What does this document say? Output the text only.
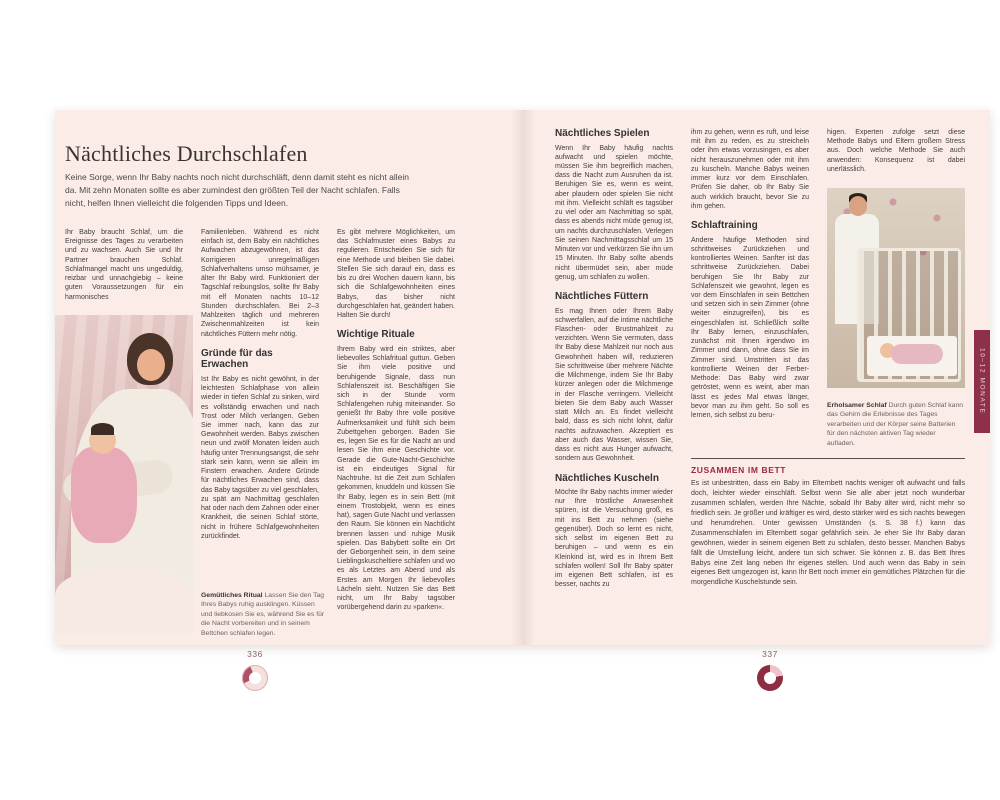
Nächtliches Durchschlafen

Keine Sorge, wenn Ihr Baby nachts noch nicht durchschläft, denn damit steht es nicht allein da. Mit zehn Monaten sollte es aber zumindest den größten Teil der Nacht schlafen. Falls nicht, helfen Ihnen vielleicht die folgenden Tipps und Ideen.

Ihr Baby braucht Schlaf, um die Ereignisse des Tages zu verarbeiten und zu wachsen. Auch Sie und Ihr Partner brauchen Schlaf. Schlafmangel macht uns ungeduldig, reizbar und unnachgiebig – keine guten Voraussetzungen für ein harmonisches

Familienleben. Während es nicht einfach ist, dem Baby ein nächtliches Aufwachen abzugewöhnen, ist das Korrigieren unregelmäßigen Schlafverhaltens umso mühsamer, je älter Ihr Baby wird. Funktioniert der Tagschlaf reibungslos, sollte Ihr Baby mit elf Monaten nachts 10–12 Stunden durchschlafen. Bei 2–3 Mahlzeiten täglich und mehreren Zwischenmahlzeiten ist kein nächtliches Füttern mehr nötig.

Gründe für das Erwachen

Ist Ihr Baby es nicht gewöhnt, in der leichtesten Schlafphase von allein wieder in tiefen Schlaf zu sinken, wird es vollständig erwachen und nach Trost oder Milch verlangen. Geben Sie immer nach, kann das zur Gewohnheit werden. Babys zwischen neun und zwölf Monaten leiden auch häufig unter Trennungsangst, die sehr stark sein kann, wenn sie allein im Finstern erwachen. Andere Gründe für nächtliches Erwachen sind, dass das Baby tagsüber zu viel geschlafen, zu spät am Nachmittag geschlafen hat oder nach dem Zahnen oder einer Krankheit, die seinen Schlaf störte, nicht in frühere Schlafgewohnheiten zurückfindet.

Es gibt mehrere Möglichkeiten, um das Schlafmuster eines Babys zu regulieren. Entscheiden Sie sich für eine Methode und bleiben Sie dabei. Stellen Sie sich darauf ein, dass es bis zu drei Wochen dauern kann, bis sich die Schlafgewohnheiten eines Babys, das bisher nicht durchgeschlafen hat, geändert haben. Halten Sie durch!

Wichtige Rituale

Ihrem Baby wird ein striktes, aber liebevolles Schlafritual guttun. Geben Sie ihm viele positive und beruhigende Signale, dass nun Schlafenszeit ist. Beschäftigen Sie sich in der Stunde vorm Schlafengehen ruhig miteinander. So genießt Ihr Baby Ihre volle positive Aufmerksamkeit und fühlt sich beim Zubettgehen geborgen. Baden Sie es, legen Sie es für die Nacht an und lesen Sie ihm eine Geschichte vor. Gerade die Gute-Nacht-Geschichte ist ein eindeutiges Signal für Nachtruhe. Ist die Zeit zum Schlafen gekommen, knuddeln und küssen Sie Ihr Baby, legen es in sein Bett (mit einem Trostobjekt, wenn es eines hat), sagen Gute Nacht und verlassen den Raum. Sie können ein Nachtlicht brennen lassen und ruhige Musik spielen. Das Babybett sollte ein Ort der Geborgenheit sein, in dem seine Lieblingskuscheltiere schlafen und wo es als Letztes am Abend und als Erstes am Morgen Ihr liebevolles Lächeln sieht. Nutzen Sie das Bett nicht, um Ihr Baby tagsüber vorübergehend darin zu »parken«.

Gemütliches Ritual Lassen Sie den Tag Ihres Babys ruhig ausklingen. Küssen und liebkosen Sie es, während Sie es für die Nacht vorbereiten und in seinem Bettchen schlafen legen.

Nächtliches Spielen

Wenn Ihr Baby häufig nachts aufwacht und spielen möchte, müssen Sie ihm begreiflich machen, dass die Nacht zum Ausruhen da ist. Beruhigen Sie es, wenn es weint, aber plaudern oder spielen Sie nicht mit ihm. Vielleicht schläft es tagsüber zu viel oder am Nachmittag so spät, dass es abends nicht müde genug ist, um nachts durchzuschlafen. Verlegen Sie seinen Nachmittagsschlaf um 15 Minuten vor und verkürzen Sie ihn um 15 Minuten. Ihr Baby sollte abends nicht übermüdet sein, aber müde genug, um schlafen zu wollen.

Nächtliches Füttern

Es mag Ihnen oder Ihrem Baby schwerfallen, auf die intime nächtliche Flaschen- oder Brustmahlzeit zu verzichten. Wenn Sie vermuten, dass Ihr Baby diese Mahlzeit nur noch aus Gewohnheit haben will, reduzieren Sie schrittweise über mehrere Nächte die Milchmenge, indem Sie Ihr Baby kürzer anlegen oder die Milchmenge in der Flasche verringern. Vielleicht bieten Sie dem Baby auch Wasser statt Milch an. Es findet vielleicht bald, dass es sich nicht lohnt, dafür nachts aufzuwachen. Akzeptiert es aber auch das Wasser, wissen Sie, dass es nicht aus Hunger aufwacht, sondern aus Gewohnheit.

Nächtliches Kuscheln

Möchte Ihr Baby nachts immer wieder nur Ihre tröstliche Anwesenheit spüren, ist die Versuchung groß, es mit ins Bett zu nehmen (siehe gegenüber). Doch so lernt es nicht, sich selbst im eigenen Bett zu beruhigen – und wenn es ein Kleinkind ist, wird es in Ihrem Bett schlafen wollen! Soll Ihr Baby später im eigenen Bett schlafen, ist es besser, nachts zu

ihm zu gehen, wenn es ruft, und leise mit ihm zu reden, es zu streicheln oder ihm etwas vorzusingen, es aber nicht herauszunehmen oder mit ihm zu kuscheln. Manche Babys weinen immer kurz vor dem Einschlafen. Prüfen Sie daher, ob Ihr Baby Sie auch wirklich braucht, bevor Sie zu ihm gehen.

Schlaftraining

Andere häufige Methoden sind schrittweises Zurückziehen und kontrolliertes Weinen. Sanfter ist das schrittweise Zurückziehen. Dabei beruhigen Sie Ihr Baby zur Schlafenszeit wie gewohnt, legen es vor dem Einschlafen in sein Bettchen und setzen sich in sein Zimmer (ohne weiter einzugreifen), bis es eingeschlafen ist. Schließlich sollte Ihr Baby lernen, einzuschlafen, zunächst mit Ihnen irgendwo im Zimmer und dann, ohne dass Sie im Zimmer sind. Umstritten ist das kontrollierte Weinen der Ferber-Methode: Das Baby wird zwar getröstet, wenn es weint, aber man lässt es jedes Mal etwas länger, bevor man zu ihm geht. So soll es lernen, sich selbst zu beru-

higen. Experten zufolge setzt diese Methode Babys und Eltern großem Stress aus. Doch welche Methode Sie auch anwenden: Konsequenz ist dabei unerlässlich.

Erholsamer Schlaf Durch guten Schlaf kann das Gehirn die Erlebnisse des Tages verarbeiten und der Körper seine Batterien für den nächsten aktiven Tag wieder aufladen.

ZUSAMMEN IM BETT

Es ist unbestritten, dass ein Baby im Elternbett nachts weniger oft aufwacht und falls doch, leichter wieder einschläft. Selbst wenn Sie alle aber jetzt noch wunderbar zusammen schlafen, werden Ihre Nächte, sobald Ihr Baby älter wird, nicht mehr so friedlich sein. Je größer und kräftiger es wird, desto stärker wird es sich nachts bewegen und herumdrehen. Unter gewissen Umständen (s. S. 38 f.) kann das Zusammenschlafen im Elternbett sogar gefährlich sein. Je eher Sie Ihr Baby daran gewöhnen, wieder in seinem eigenen Bett zu schlafen, desto besser. Manchen Babys fällt die Umstellung leicht, andere tun sich schwer. Sie können z. B. das Bett Ihres Babys eine Zeit lang neben Ihr eigenes stellen. Und auch wenn das Baby in sein eigenes Bett umgezogen ist, kann Ihr Bett noch immer ein gemütliches Plätzchen für die morgendliche Kuschelstunde sein.

10–12 MONATE
336	337
